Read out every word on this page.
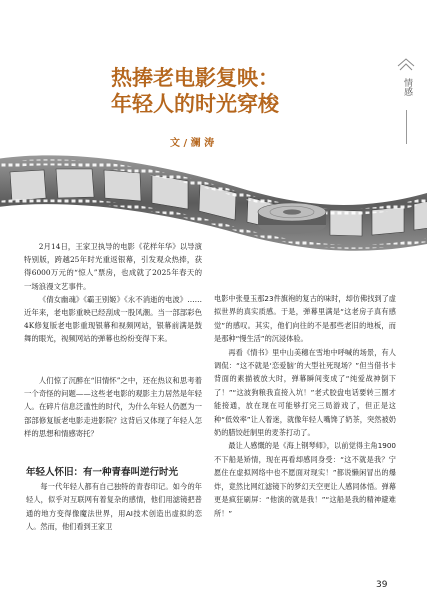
热捧老电影复映：
年轻人的时光穿梭
文 / 澜 涛
情感

2月14日，王家卫执导的电影《花样年华》以导演特别版，跨越25年时光重返银幕，引发观众热捧，获得6000万元的“惊人”票房，也成就了2025年春天的一场浪漫文艺事件。

《倩女幽魂》《霸王别姬》《永不消逝的电波》……近年来，老电影重映已经刮成一股风潮。当一部部彩色4K修复版老电影重现银幕和视频网站，银幕前满是鼓舞的眼光，视频网站的弹幕也纷纷变得下来。

人们惊了沉醉在“旧情怀”之中，还在热议和思考着一个奇怪的问题——这些老电影的观影主力居然是年轻人。在碎片信息泛滥性的时代，为什么年轻人仍愿为一部部修复版老电影走进影院？这背后又体现了年轻人怎样的思想和情感寄托？

年轻人怀旧：有一种青春叫逆行时光

每一代年轻人都有自己独特的青春印记。如今的年轻人，似乎对互联网有着复杂的感情，他们用滤镜把普通的地方变得像魔法世界，用AI技术创造出虚拟的恋人。然而，他们看到王家卫

电影中张曼玉那23件旗袍的复古的味时，却仿佛找到了虚拟世界的真实质感。于是，弹幕里满是“这老房子真有感觉”的感叹。其实，他们向往的不是那些老旧的地板，而是那种“慢生活”的沉浸体验。

再看《情书》里中山美穗在雪地中呼喊的场景，有人调侃：“这不就是‘恋爱脑’的大型社死现场？”但当借书卡背面的素描被放大时，弹幕瞬间变成了“纯爱战神倒下了！”“这波狗粮我直接入坑！”老式胶盘电话要转三圈才能接通，放在现在可能够打完三局游戏了，但正是这种“低效率”让人着迷，就像年轻人嘴馋了奶茶，突然被奶奶的腊饺赶制里的麦茶打动了。

最让人感慨的是《海上钢琴师》，以前觉得主角1900不下船是矫情，现在再看却感同身受：“这不就是我？宁愿住在虚拟网络中也不愿面对现实！”都说懒闲冒出的爆炸，竟然比网红滤镜下的梦幻天空更让人感同体悟。弹幕更是疯狂刷屏：“他演的就是我！”“这船是我的精神避难所！”

39
